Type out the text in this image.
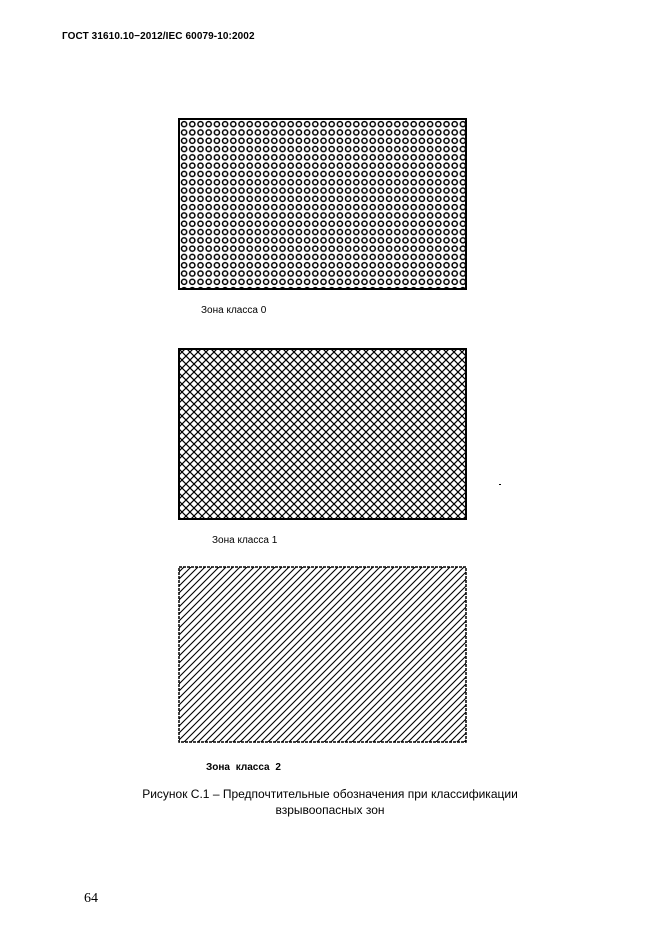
ГОСТ 31610.10−2012/IEC 60079-10:2002
Зона класса 0
Зона класса 1
Зона класса 2
Рисунок С.1 – Предпочтительные обозначения при классификации
взрывоопасных зон
64
